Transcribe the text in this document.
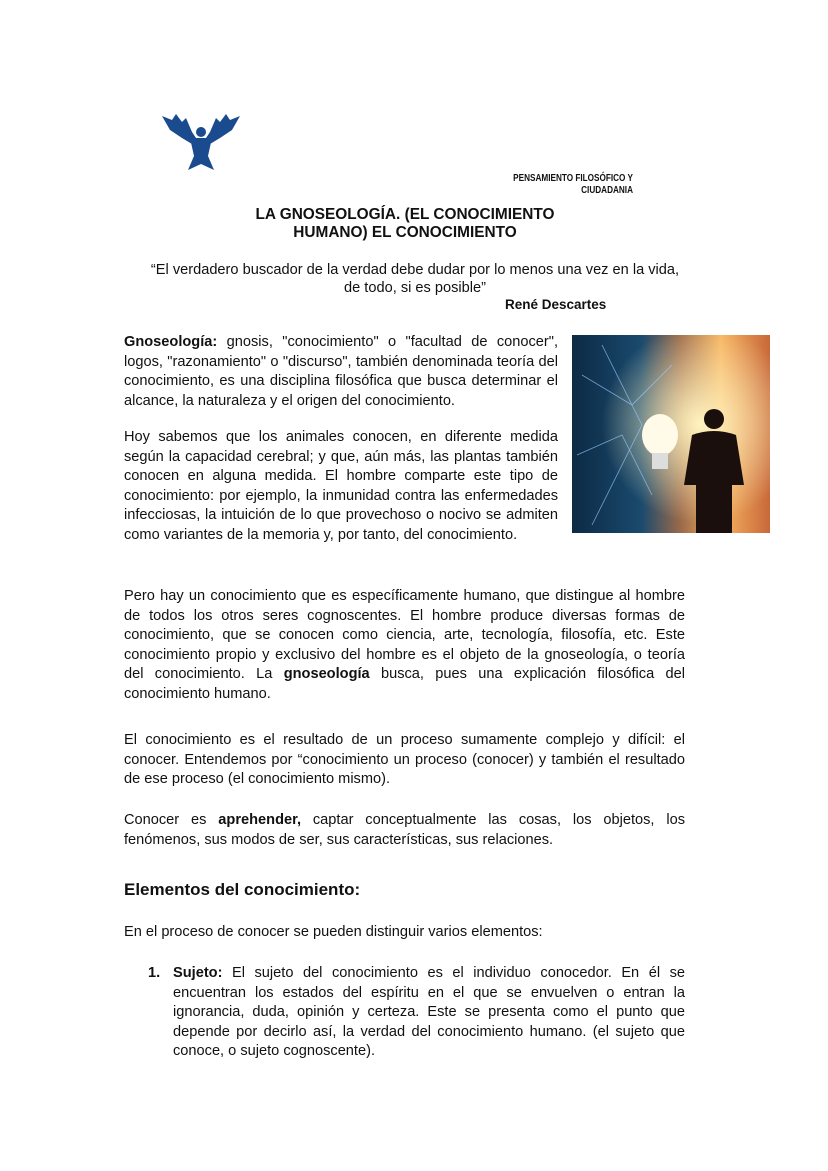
PENSAMIENTO FILOSÓFICO Y CIUDADANIA
LA GNOSEOLOGÍA. (EL CONOCIMIENTO
HUMANO) EL CONOCIMIENTO
“El verdadero buscador de la verdad debe dudar por lo menos una vez en la vida,
de todo, si es posible”
René Descartes
Gnoseología: gnosis, "conocimiento" o "facultad de conocer", logos, "razonamiento" o "discurso", también denominada teoría del conocimiento, es una disciplina filosófica que busca determinar el alcance, la naturaleza y el origen del conocimiento.
Hoy sabemos que los animales conocen, en diferente medida según la capacidad cerebral; y que, aún más, las plantas también conocen en alguna medida. El hombre comparte este tipo de conocimiento: por ejemplo, la inmunidad contra las enfermedades infecciosas, la intuición de lo que provechoso o nocivo se admiten como variantes de la memoria y, por tanto, del conocimiento.
Pero hay un conocimiento que es específicamente humano, que distingue al hombre de todos los otros seres cognoscentes. El hombre produce diversas formas de conocimiento, que se conocen como ciencia, arte, tecnología, filosofía, etc. Este conocimiento propio y exclusivo del hombre es el objeto de la gnoseología, o teoría del conocimiento. La gnoseología busca, pues una explicación filosófica del conocimiento humano.
El conocimiento es el resultado de un proceso sumamente complejo y difícil: el conocer. Entendemos por “conocimiento un proceso (conocer) y también el resultado de ese proceso (el conocimiento mismo).
Conocer es aprehender, captar conceptualmente las cosas, los objetos, los fenómenos, sus modos de ser, sus características, sus relaciones.
Elementos del conocimiento:
En el proceso de conocer se pueden distinguir varios elementos:
1. Sujeto: El sujeto del conocimiento es el individuo conocedor. En él se encuentran los estados del espíritu en el que se envuelven o entran la ignorancia, duda, opinión y certeza. Este se presenta como el punto que depende por decirlo así, la verdad del conocimiento humano. (el sujeto que conoce, o sujeto cognoscente).
